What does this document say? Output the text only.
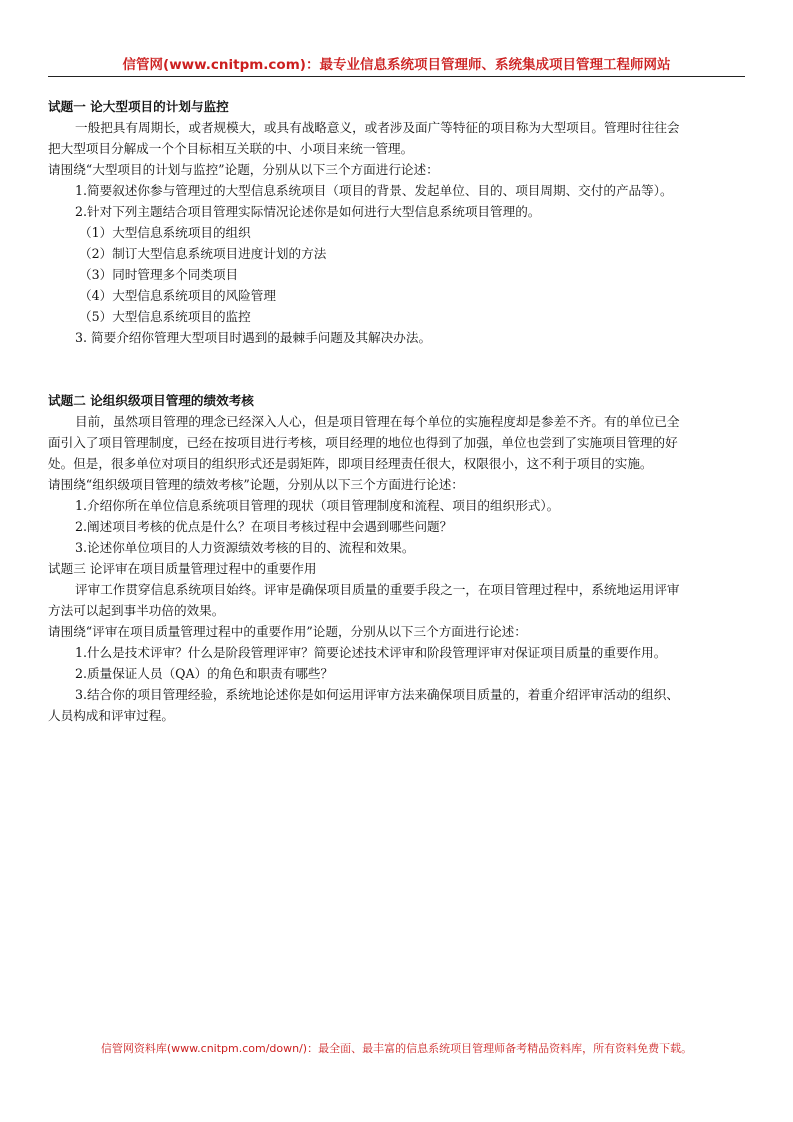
信管网(www.cnitpm.com)：最专业信息系统项目管理师、系统集成项目管理工程师网站
试题一 论大型项目的计划与监控
一般把具有周期长，或者规模大，或具有战略意义，或者涉及面广等特征的项目称为大型项目。管理时往往会
把大型项目分解成一个个目标相互关联的中、小项目来统一管理。
请围绕“大型项目的计划与监控”论题，分别从以下三个方面进行论述：
1.简要叙述你参与管理过的大型信息系统项目（项目的背景、发起单位、目的、项目周期、交付的产品等）。
2.针对下列主题结合项目管理实际情况论述你是如何进行大型信息系统项目管理的。
（1）大型信息系统项目的组织
（2）制订大型信息系统项目进度计划的方法
（3）同时管理多个同类项目
（4）大型信息系统项目的风险管理
（5）大型信息系统项目的监控
3. 简要介绍你管理大型项目时遇到的最棘手问题及其解决办法。
试题二 论组织级项目管理的绩效考核
目前，虽然项目管理的理念已经深入人心，但是项目管理在每个单位的实施程度却是参差不齐。有的单位已全
面引入了项目管理制度，已经在按项目进行考核，项目经理的地位也得到了加强，单位也尝到了实施项目管理的好
处。但是，很多单位对项目的组织形式还是弱矩阵，即项目经理责任很大，权限很小，这不利于项目的实施。
请围绕“组织级项目管理的绩效考核”论题，分别从以下三个方面进行论述：
1.介绍你所在单位信息系统项目管理的现状（项目管理制度和流程、项目的组织形式）。
2.阐述项目考核的优点是什么？在项目考核过程中会遇到哪些问题？
3.论述你单位项目的人力资源绩效考核的目的、流程和效果。
试题三 论评审在项目质量管理过程中的重要作用
评审工作贯穿信息系统项目始终。评审是确保项目质量的重要手段之一，在项目管理过程中，系统地运用评审
方法可以起到事半功倍的效果。
请围绕“评审在项目质量管理过程中的重要作用”论题，分别从以下三个方面进行论述：
1.什么是技术评审？什么是阶段管理评审？简要论述技术评审和阶段管理评审对保证项目质量的重要作用。
2.质量保证人员（QA）的角色和职责有哪些？
3.结合你的项目管理经验，系统地论述你是如何运用评审方法来确保项目质量的，着重介绍评审活动的组织、
人员构成和评审过程。
信管网资料库(www.cnitpm.com/down/)：最全面、最丰富的信息系统项目管理师备考精品资料库，所有资料免费下载。
